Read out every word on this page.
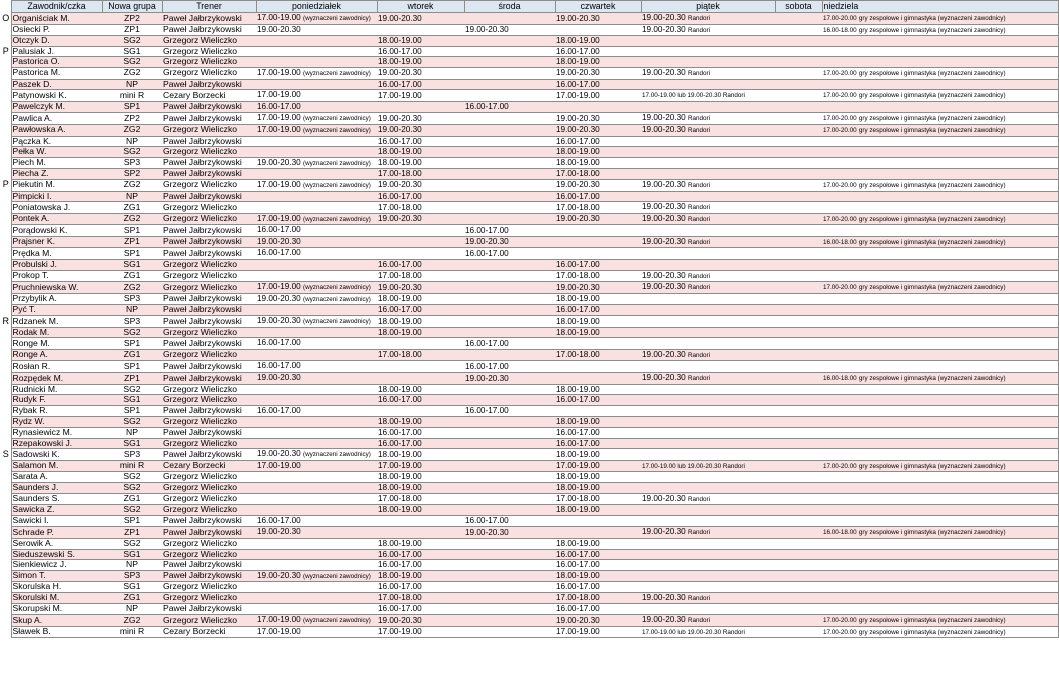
	Zawodnik/czka	Nowa grupa	Trener	poniedziałek	wtorek	środa	czwartek	piątek	sobota	niedziela
O	Organiściak M.	ZP2	Paweł Jałbrzykowski	17.00-19.00 (wyznaczeni zawodnicy)	19.00-20.30		19.00-20.30	19.00-20.30 Randori		17.00-20.00 gry zespołowe i gimnastyka (wyznaczeni zawodnicy)
	Osiecki P.	ZP1	Paweł Jałbrzykowski	19.00-20.30		19.00-20.30		19.00-20.30 Randori		16.00-18.00 gry zespołowe i gimnastyka (wyznaczeni zawodnicy)
	Otczyk D.	SG2	Grzegorz Wieliczko		18.00-19.00		18.00-19.00			
P	Palusiak J.	SG1	Grzegorz Wieliczko		16.00-17.00		16.00-17.00			
	Pastorica O.	SG2	Grzegorz Wieliczko		18.00-19.00		18.00-19.00			
	Pastorica M.	ZG2	Grzegorz Wieliczko	17.00-19.00 (wyznaczeni zawodnicy)	19.00-20.30		19.00-20.30	19.00-20.30 Randori		17.00-20.00 gry zespołowe i gimnastyka (wyznaczeni zawodnicy)
	Paszek D.	NP	Paweł Jałbrzykowski		16.00-17.00		16.00-17.00			
	Patynowski K.	mini R	Cezary Borzecki	17.00-19.00	17.00-19.00		17.00-19.00	17.00-19.00 lub 19.00-20.30 Randori		17.00-20.00 gry zespołowe i gimnastyka (wyznaczeni zawodnicy)
	Pawelczyk M.	SP1	Paweł Jałbrzykowski	16.00-17.00		16.00-17.00				
	Pawlica A.	ZP2	Paweł Jałbrzykowski	17.00-19.00 (wyznaczeni zawodnicy)	19.00-20.30		19.00-20.30	19.00-20.30 Randori		17.00-20.00 gry zespołowe i gimnastyka (wyznaczeni zawodnicy)
	Pawłowska A.	ZG2	Grzegorz Wieliczko	17.00-19.00 (wyznaczeni zawodnicy)	19.00-20.30		19.00-20.30	19.00-20.30 Randori		17.00-20.00 gry zespołowe i gimnastyka (wyznaczeni zawodnicy)
	Pączka K.	NP	Paweł Jałbrzykowski		16.00-17.00		16.00-17.00			
	Pełka W.	SG2	Grzegorz Wieliczko		18.00-19.00		18.00-19.00			
	Piech M.	SP3	Paweł Jałbrzykowski	19.00-20.30 (wyznaczeni zawodnicy)	18.00-19.00		18.00-19.00			
	Piecha Z.	SP2	Paweł Jałbrzykowski		17.00-18.00		17.00-18.00			
P	Piekutin M.	ZG2	Grzegorz Wieliczko	17.00-19.00 (wyznaczeni zawodnicy)	19.00-20.30		19.00-20.30	19.00-20.30 Randori		17.00-20.00 gry zespołowe i gimnastyka (wyznaczeni zawodnicy)
	Pimpicki I.	NP	Paweł Jałbrzykowski		16.00-17.00		16.00-17.00			
	Poniatowska J.	ZG1	Grzegorz Wieliczko		17.00-18.00		17.00-18.00	19.00-20.30 Randori		
	Pontek A.	ZG2	Grzegorz Wieliczko	17.00-19.00 (wyznaczeni zawodnicy)	19.00-20.30		19.00-20.30	19.00-20.30 Randori		17.00-20.00 gry zespołowe i gimnastyka (wyznaczeni zawodnicy)
	Porądowski K.	SP1	Paweł Jałbrzykowski	16.00-17.00		16.00-17.00				
	Prajsner K.	ZP1	Paweł Jałbrzykowski	19.00-20.30		19.00-20.30		19.00-20.30 Randori		16.00-18.00 gry zespołowe i gimnastyka (wyznaczeni zawodnicy)
	Prędka M.	SP1	Paweł Jałbrzykowski	16.00-17.00		16.00-17.00				
	Probulski J.	SG1	Grzegorz Wieliczko		16.00-17.00		16.00-17.00			
	Prokop T.	ZG1	Grzegorz Wieliczko		17.00-18.00		17.00-18.00	19.00-20.30 Randori		
	Pruchniewska W.	ZG2	Grzegorz Wieliczko	17.00-19.00 (wyznaczeni zawodnicy)	19.00-20.30		19.00-20.30	19.00-20.30 Randori		17.00-20.00 gry zespołowe i gimnastyka (wyznaczeni zawodnicy)
	Przybylik A.	SP3	Paweł Jałbrzykowski	19.00-20.30 (wyznaczeni zawodnicy)	18.00-19.00		18.00-19.00			
	Pyć T.	NP	Paweł Jałbrzykowski		16.00-17.00		16.00-17.00			
R	Rdzanek M.	SP3	Paweł Jałbrzykowski	19.00-20.30 (wyznaczeni zawodnicy)	18.00-19.00		18.00-19.00			
	Rodak M.	SG2	Grzegorz Wieliczko		18.00-19.00		18.00-19.00			
	Ronge M.	SP1	Paweł Jałbrzykowski	16.00-17.00		16.00-17.00				
	Ronge A.	ZG1	Grzegorz Wieliczko		17.00-18.00		17.00-18.00	19.00-20.30 Randori		
	Rosłan R.	SP1	Paweł Jałbrzykowski	16.00-17.00		16.00-17.00				
	Rozpędek M.	ZP1	Paweł Jałbrzykowski	19.00-20.30		19.00-20.30		19.00-20.30 Randori		16.00-18.00 gry zespołowe i gimnastyka (wyznaczeni zawodnicy)
	Rudnicki M.	SG2	Grzegorz Wieliczko		18.00-19.00		18.00-19.00			
	Rudyk F.	SG1	Grzegorz Wieliczko		16.00-17.00		16.00-17.00			
	Rybak R.	SP1	Paweł Jałbrzykowski	16.00-17.00		16.00-17.00				
	Rydz W.	SG2	Grzegorz Wieliczko		18.00-19.00		18.00-19.00			
	Rynasiewicz M.	NP	Paweł Jałbrzykowski		16.00-17.00		16.00-17.00			
	Rzepakowski J.	SG1	Grzegorz Wieliczko		16.00-17.00		16.00-17.00			
S	Sadowski K.	SP3	Paweł Jałbrzykowski	19.00-20.30 (wyznaczeni zawodnicy)	18.00-19.00		18.00-19.00			
	Salamon M.	mini R	Cezary Borzecki	17.00-19.00	17.00-19.00		17.00-19.00	17.00-19.00 lub 19.00-20.30 Randori		17.00-20.00 gry zespołowe i gimnastyka (wyznaczeni zawodnicy)
	Sarata A.	SG2	Grzegorz Wieliczko		18.00-19.00		18.00-19.00			
	Saunders J.	SG2	Grzegorz Wieliczko		18.00-19.00		18.00-19.00			
	Saunders S.	ZG1	Grzegorz Wieliczko		17.00-18.00		17.00-18.00	19.00-20.30 Randori		
	Sawicka Z.	SG2	Grzegorz Wieliczko		18.00-19.00		18.00-19.00			
	Sawicki I.	SP1	Paweł Jałbrzykowski	16.00-17.00		16.00-17.00				
	Schrade P.	ZP1	Paweł Jałbrzykowski	19.00-20.30		19.00-20.30		19.00-20.30 Randori		16.00-18.00 gry zespołowe i gimnastyka (wyznaczeni zawodnicy)
	Serowik A.	SG2	Grzegorz Wieliczko		18.00-19.00		18.00-19.00			
	Sieduszewski S.	SG1	Grzegorz Wieliczko		16.00-17.00		16.00-17.00			
	Sienkiewicz J.	NP	Paweł Jałbrzykowski		16.00-17.00		16.00-17.00			
	Simon T.	SP3	Paweł Jałbrzykowski	19.00-20.30 (wyznaczeni zawodnicy)	18.00-19.00		18.00-19.00			
	Skorulska H.	SG1	Grzegorz Wieliczko		16.00-17.00		16.00-17.00			
	Skorulski M.	ZG1	Grzegorz Wieliczko		17.00-18.00		17.00-18.00	19.00-20.30 Randori		
	Skorupski M.	NP	Paweł Jałbrzykowski		16.00-17.00		16.00-17.00			
	Skup A.	ZG2	Grzegorz Wieliczko	17.00-19.00 (wyznaczeni zawodnicy)	19.00-20.30		19.00-20.30	19.00-20.30 Randori		17.00-20.00 gry zespołowe i gimnastyka (wyznaczeni zawodnicy)
	Sławek B.	mini R	Cezary Borzecki	17.00-19.00	17.00-19.00		17.00-19.00	17.00-19.00 lub 19.00-20.30 Randori		17.00-20.00 gry zespołowe i gimnastyka (wyznaczeni zawodnicy)
